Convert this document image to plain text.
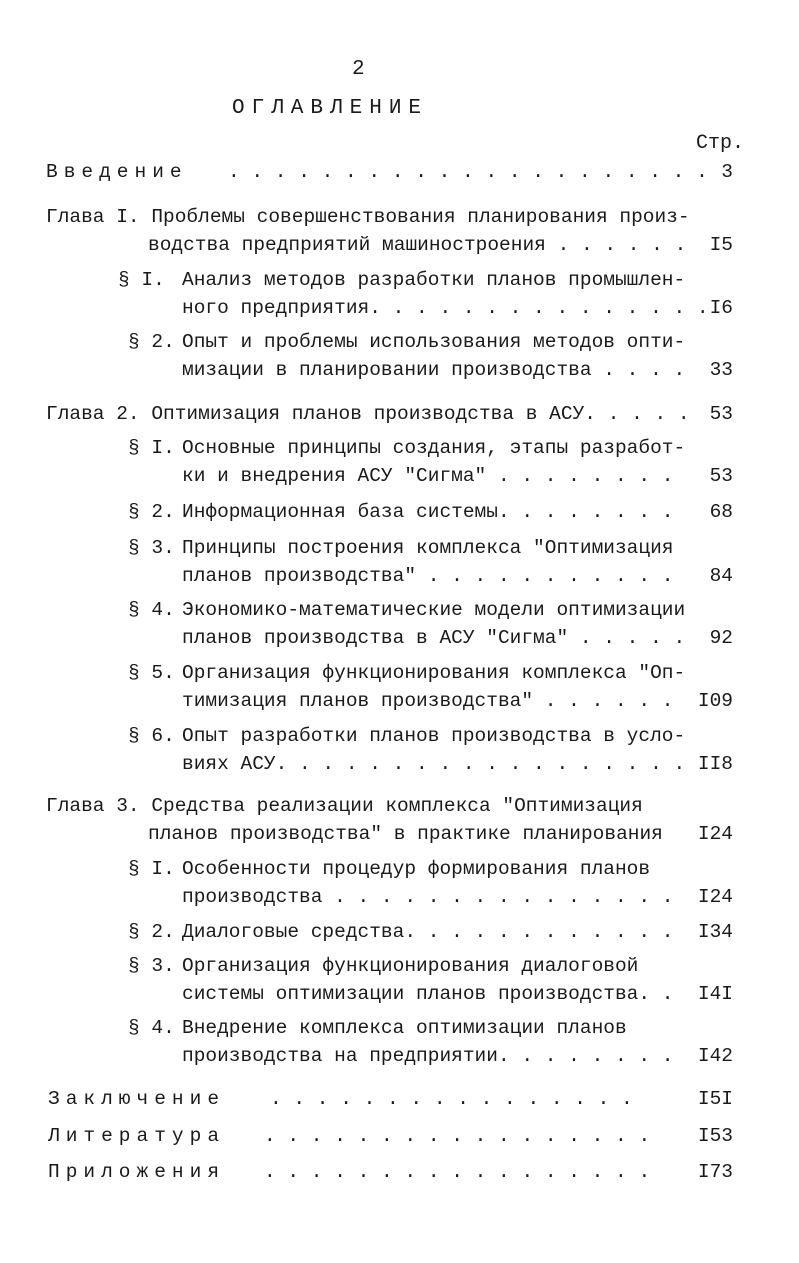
2
ОГЛАВЛЕНИЕ
Стр.
Введение . . . . . . . . . . . . . . . . . . . . . 3
Глава I. Проблемы совершенствования планирования произ-
водства предприятий машиностроения . . . . . .	I5
§ I. Анализ методов разработки планов промышлен-
ного предприятия. . . . . . . . . . . . . . . I6
§ 2. Опыт и проблемы использования методов опти-
мизации в планировании производства . . . .	33
Глава 2. Оптимизация планов производства в АСУ. . . . .	53
§ I. Основные принципы создания, этапы разработ-
ки и внедрения АСУ "Сигма" . . . . . . . .	53
§ 2. Информационная база системы. . . . . . . .	68
§ 3. Принципы построения комплекса "Оптимизация
планов производства" . . . . . . . . . . .	84
§ 4. Экономико-математические модели оптимизации
планов производства в АСУ "Сигма" . . . . .	92
§ 5. Организация функционирования комплекса "Оп-
тимизация планов производства" . . . . . . I09
§ 6. Опыт разработки планов производства в усло-
виях АСУ. . . . . . . . . . . . . . . . . . II8
Глава 3. Средства реализации комплекса "Оптимизация
планов производства" в практике планирования I24
§ I. Особенности процедур формирования планов
производства . . . . . . . . . . . . . . . I24
§ 2. Диалоговые средства. . . . . . . . . . . . I34
§ 3. Организация функционирования диалоговой
системы оптимизации планов производства. . I4I
§ 4. Внедрение комплекса оптимизации планов
производства на предприятии. . . . . . . . I42
Заключение . . . . . . . . . . . . . . . .	I5I
Литература . . . . . . . . . . . . . . . . . I53
Приложения . . . . . . . . . . . . . . . . . I73
